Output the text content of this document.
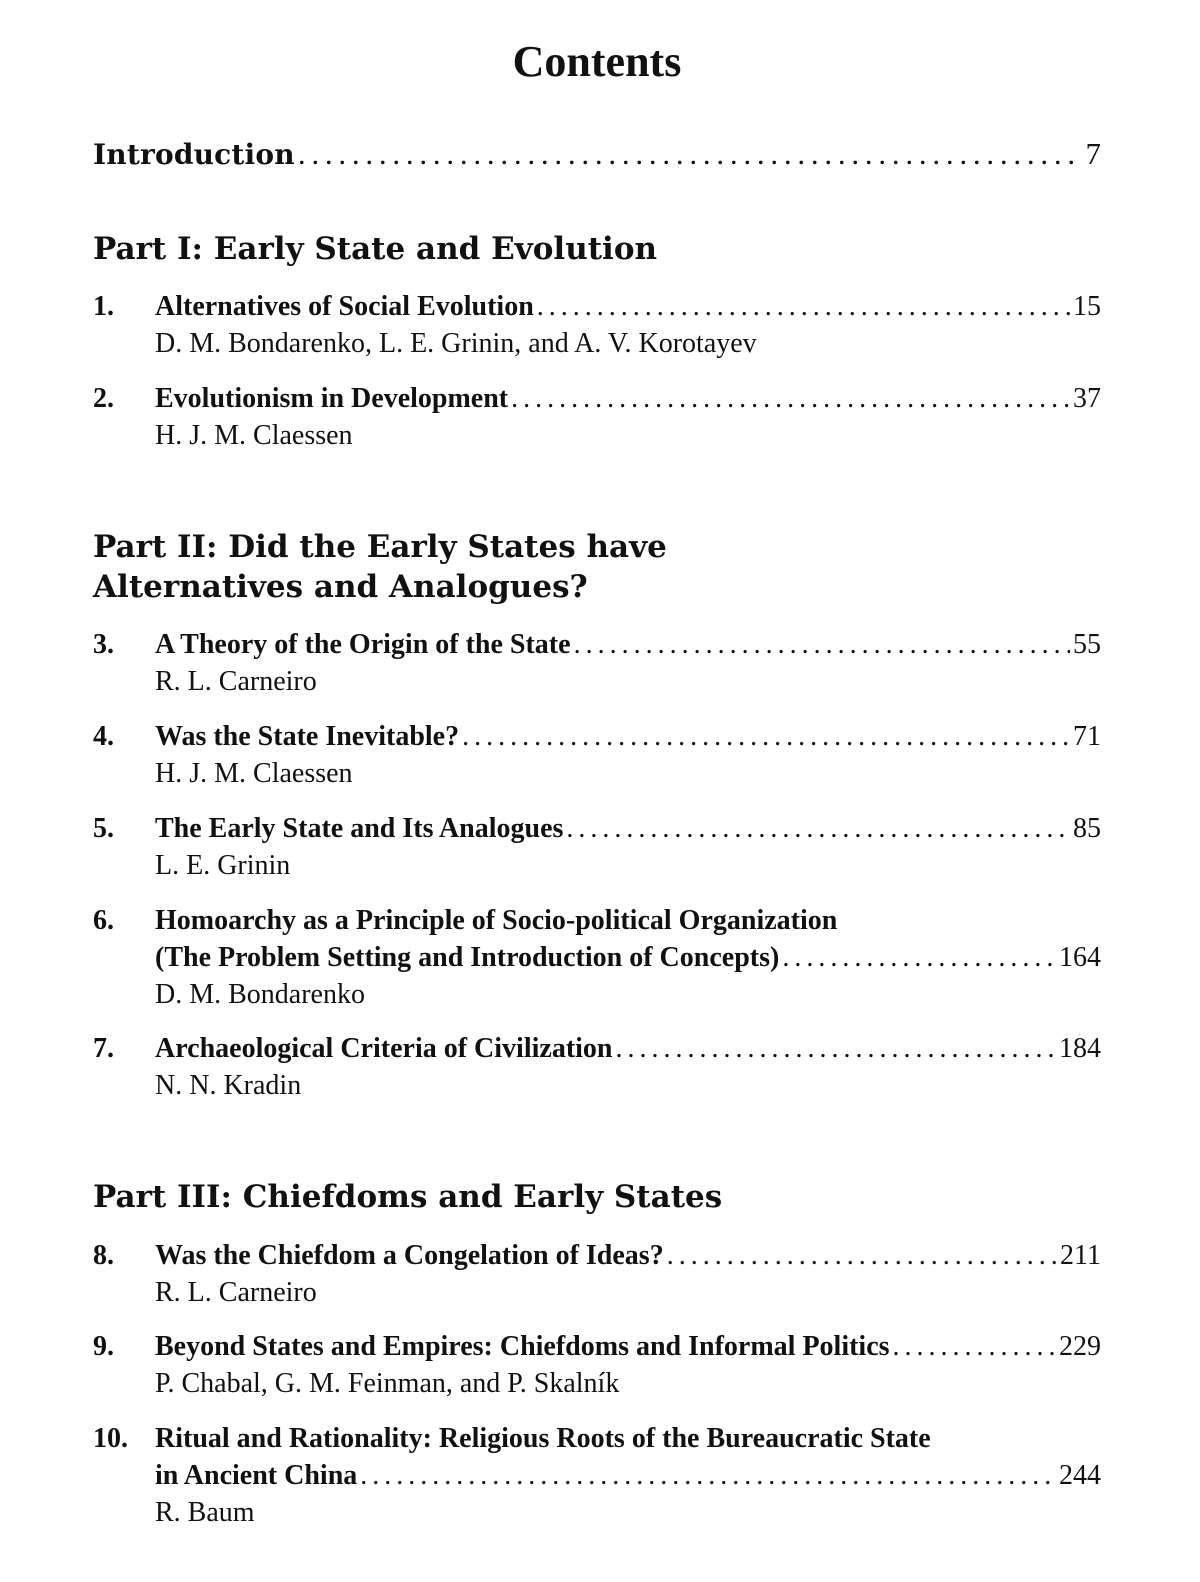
Contents
Introduction . . .	7
Part I: Early State and Evolution
1. Alternatives of Social Evolution . . .	15
D. M. Bondarenko, L. E. Grinin, and A. V. Korotayev
2. Evolutionism in Development . . .	37
H. J. M. Claessen
Part II: Did the Early States have
Alternatives and Analogues?
3. A Theory of the Origin of the State . . .	55
R. L. Carneiro
4. Was the State Inevitable? . . .	71
H. J. M. Claessen
5. The Early State and Its Analogues . . .	85
L. E. Grinin
6. Homoarchy as a Principle of Socio-political Organization
(The Problem Setting and Introduction of Concepts) . . .	164
D. M. Bondarenko
7. Archaeological Criteria of Civilization . . .	184
N. N. Kradin
Part III: Chiefdoms and Early States
8. Was the Chiefdom a Congelation of Ideas? . . .	211
R. L. Carneiro
9. Beyond States and Empires: Chiefdoms and Informal Politics . . .	229
P. Chabal, G. M. Feinman, and P. Skalník
10. Ritual and Rationality: Religious Roots of the Bureaucratic State
in Ancient China . . .	244
R. Baum
